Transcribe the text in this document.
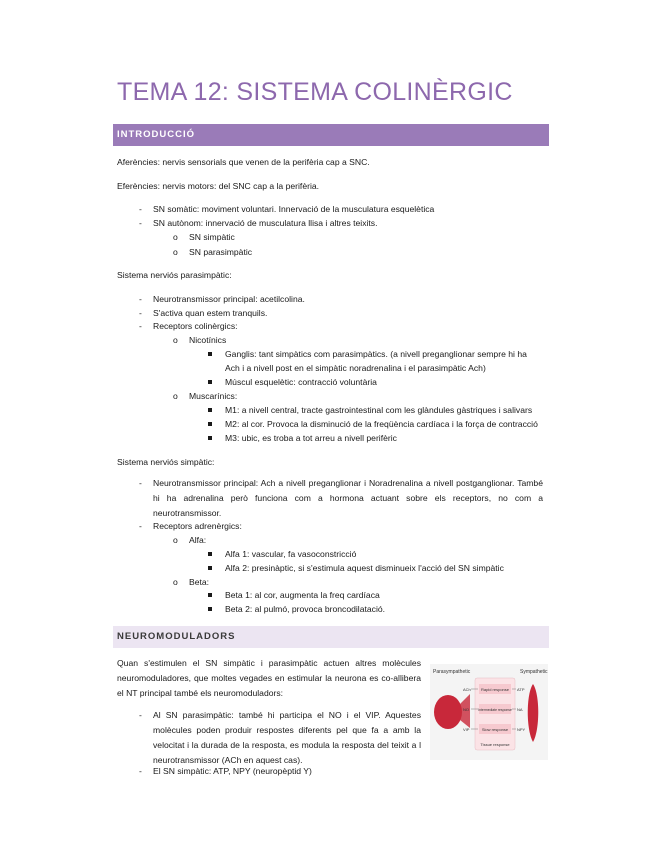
TEMA 12: SISTEMA COLINÈRGIC
INTRODUCCIÓ
Aferències: nervis sensorials que venen de la perifèria cap a SNC.
Eferències: nervis motors: del SNC cap a la perifèria.
- SN somàtic: moviment voluntari. Innervació de la musculatura esquelètica
- SN autònom: innervació de musculatura llisa i altres teixits.
o SN simpàtic
o SN parasimpàtic
Sistema nerviós parasimpàtic:
- Neurotransmissor principal: acetilcolina.
- S'activa quan estem tranquils.
- Receptors colinèrgics:
o Nicotínics
Ganglis: tant simpàtics com parasimpàtics. (a nivell preganglionar sempre hi ha
Ach i a nivell post en el simpàtic noradrenalina i el parasimpàtic Ach)
Múscul esquelètic: contracció voluntària
o Muscarínics:
M1: a nivell central, tracte gastrointestinal com les glàndules gàstriques i salivars
M2: al cor. Provoca la disminució de la freqüència cardíaca i la força de contracció
M3: ubic, es troba a tot arreu a nivell perifèric
Sistema nerviós simpàtic:
- Neurotransmissor principal: Ach a nivell preganglionar i Noradrenalina a nivell postganglionar. També hi ha adrenalina però funciona com a hormona actuant sobre els receptors, no com a neurotransmissor.
- Receptors adrenèrgics:
o Alfa:
Alfa 1: vascular, fa vasoconstricció
Alfa 2: presinàptic, si s'estimula aquest disminueix l'acció del SN simpàtic
o Beta:
Beta 1: al cor, augmenta la freq cardíaca
Beta 2: al pulmó, provoca broncodilatació.
NEUROMODULADORS
Quan s'estimulen el SN simpàtic i parasimpàtic actuen altres molècules neuromoduladores, que moltes vegades en estimular la neurona es co-allibera el NT principal també els neuromoduladors:
- Al SN parasimpàtic: també hi participa el NO i el VIP. Aquestes molècules poden produir respostes diferents pel que fa a amb la velocitat i la durada de la resposta, es modula la resposta del teixit a l neurotransmissor (ACh en aquest cas).
- El SN simpàtic: ATP, NPY (neuropèptid Y)
Parasympathetic	Sympathetic
Rapid response
Intermediate response
Slow response
Tissue response
ACh
NO
VIP
ATP
NA
NPY
